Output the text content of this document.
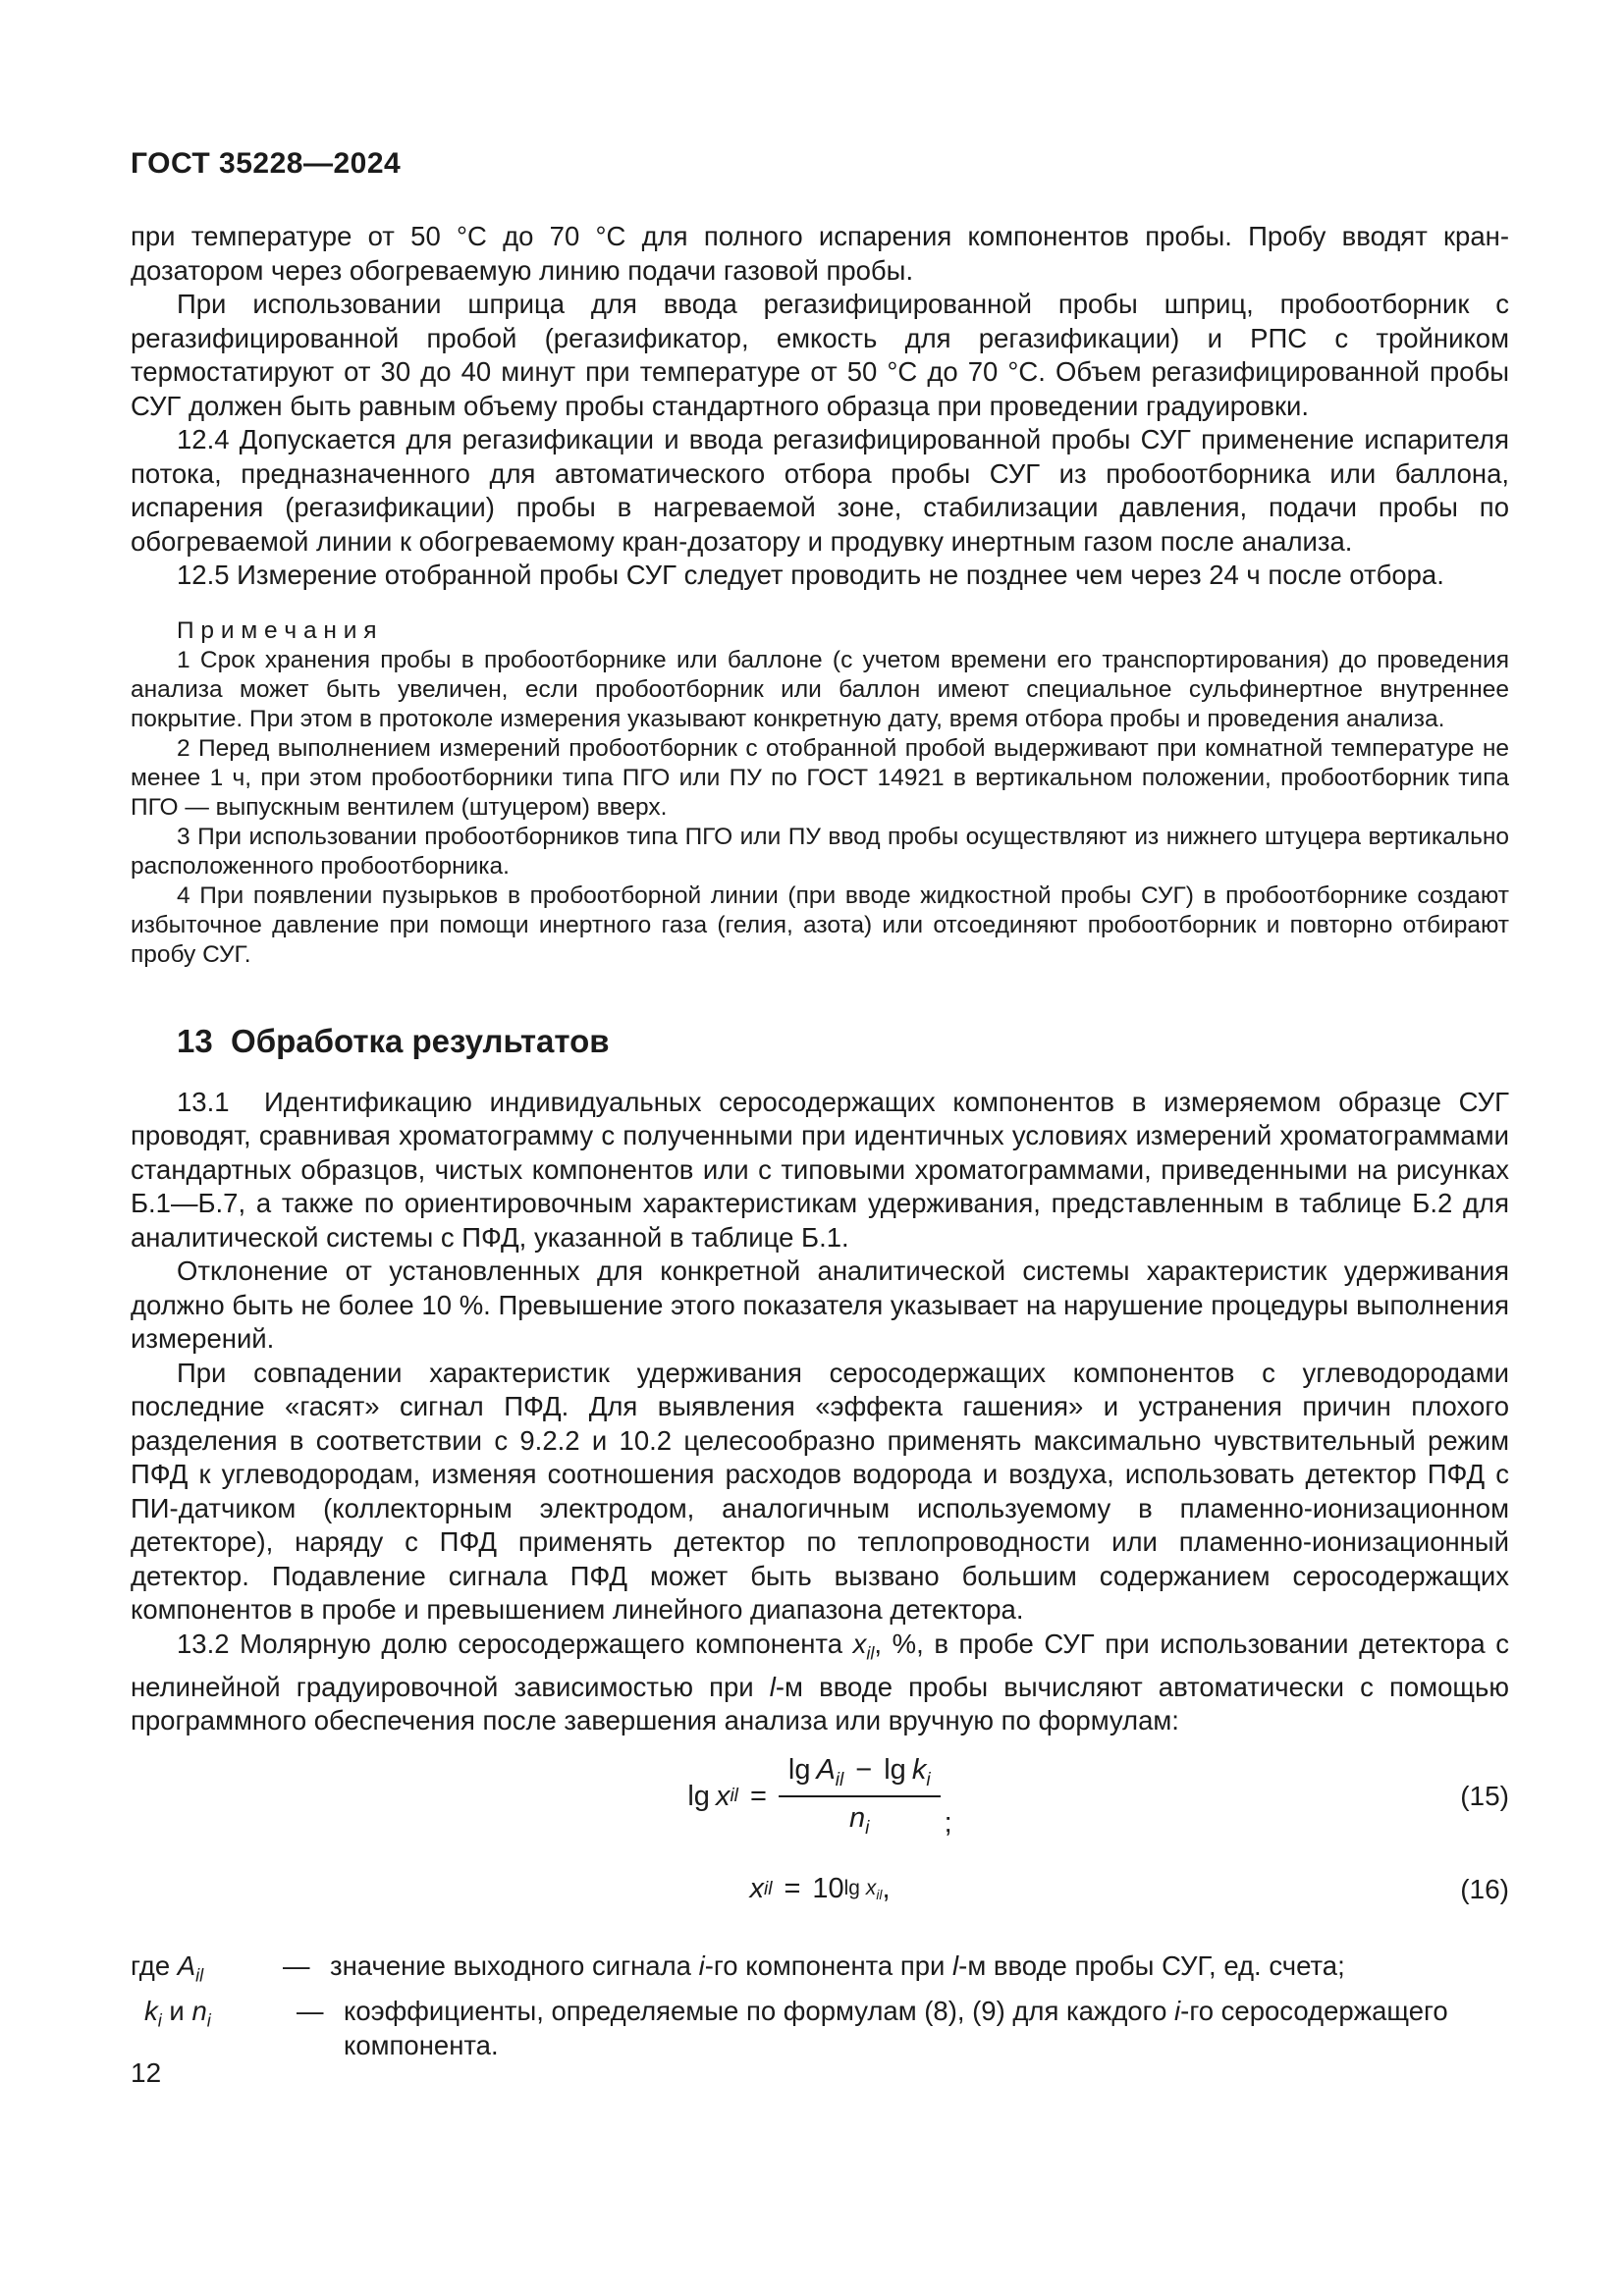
ГОСТ 35228—2024

при температуре от 50 °С до 70 °С для полного испарения компонентов пробы. Пробу вводят кран-дозатором через обогреваемую линию подачи газовой пробы.

При использовании шприца для ввода регазифицированной пробы шприц, пробоотборник с регазифицированной пробой (регазификатор, емкость для регазификации) и РПС с тройником термостатируют от 30 до 40 минут при температуре от 50 °С до 70 °С. Объем регазифицированной пробы СУГ должен быть равным объему пробы стандартного образца при проведении градуировки.

12.4 Допускается для регазификации и ввода регазифицированной пробы СУГ применение испарителя потока, предназначенного для автоматического отбора пробы СУГ из пробоотборника или баллона, испарения (регазификации) пробы в нагреваемой зоне, стабилизации давления, подачи пробы по обогреваемой линии к обогреваемому кран-дозатору и продувку инертным газом после анализа.

12.5 Измерение отобранной пробы СУГ следует проводить не позднее чем через 24 ч после отбора.

П р и м е ч а н и я

1 Срок хранения пробы в пробоотборнике или баллоне (с учетом времени его транспортирования) до проведения анализа может быть увеличен, если пробоотборник или баллон имеют специальное сульфинертное внутреннее покрытие. При этом в протоколе измерения указывают конкретную дату, время отбора пробы и проведения анализа.

2 Перед выполнением измерений пробоотборник с отобранной пробой выдерживают при комнатной температуре не менее 1 ч, при этом пробоотборники типа ПГО или ПУ по ГОСТ 14921 в вертикальном положении, пробоотборник типа ПГО — выпускным вентилем (штуцером) вверх.

3 При использовании пробоотборников типа ПГО или ПУ ввод пробы осуществляют из нижнего штуцера вертикально расположенного пробоотборника.

4 При появлении пузырьков в пробоотборной линии (при вводе жидкостной пробы СУГ) в пробоотборнике создают избыточное давление при помощи инертного газа (гелия, азота) или отсоединяют пробоотборник и повторно отбирают пробу СУГ.

13  Обработка результатов

13.1  Идентификацию индивидуальных серосодержащих компонентов в измеряемом образце СУГ проводят, сравнивая хроматограмму с полученными при идентичных условиях измерений хроматограммами стандартных образцов, чистых компонентов или с типовыми хроматограммами, приведенными на рисунках Б.1—Б.7, а также по ориентировочным характеристикам удерживания, представленным в таблице Б.2 для аналитической системы с ПФД, указанной в таблице Б.1.

Отклонение от установленных для конкретной аналитической системы характеристик удерживания должно быть не более 10 %. Превышение этого показателя указывает на нарушение процедуры выполнения измерений.

При совпадении характеристик удерживания серосодержащих компонентов с углеводородами последние «гасят» сигнал ПФД. Для выявления «эффекта гашения» и устранения причин плохого разделения в соответствии с 9.2.2 и 10.2 целесообразно применять максимально чувствительный режим ПФД к углеводородам, изменяя соотношения расходов водорода и воздуха, использовать детектор ПФД с ПИ-датчиком (коллекторным электродом, аналогичным используемому в пламенно-ионизационном детекторе), наряду с ПФД применять детектор по теплопроводности или пламенно-ионизационный детектор. Подавление сигнала ПФД может быть вызвано большим содержанием серосодержащих компонентов в пробе и превышением линейного диапазона детектора.

13.2 Молярную долю серосодержащего компонента $x_{il}$, %, в пробе СУГ при использовании детектора с нелинейной градуировочной зависимостью при l-м вводе пробы вычисляют автоматически с помощью программного обеспечения после завершения анализа или вручную по формулам:

lg x il = $\frac{\lg A_{il} - \lg k_i}{n_i}$ ;
(15)
x il = 10 $\lg x_{il}$ ,	(16)
где $A_{il}$	— значение выходного сигнала i-го компонента при l-м вводе пробы СУГ, ед. счета;
$k_i$ и $n_i$	— коэффициенты, определяемые по формулам (8), (9) для каждого i-го серосодержащего компонента.
12
